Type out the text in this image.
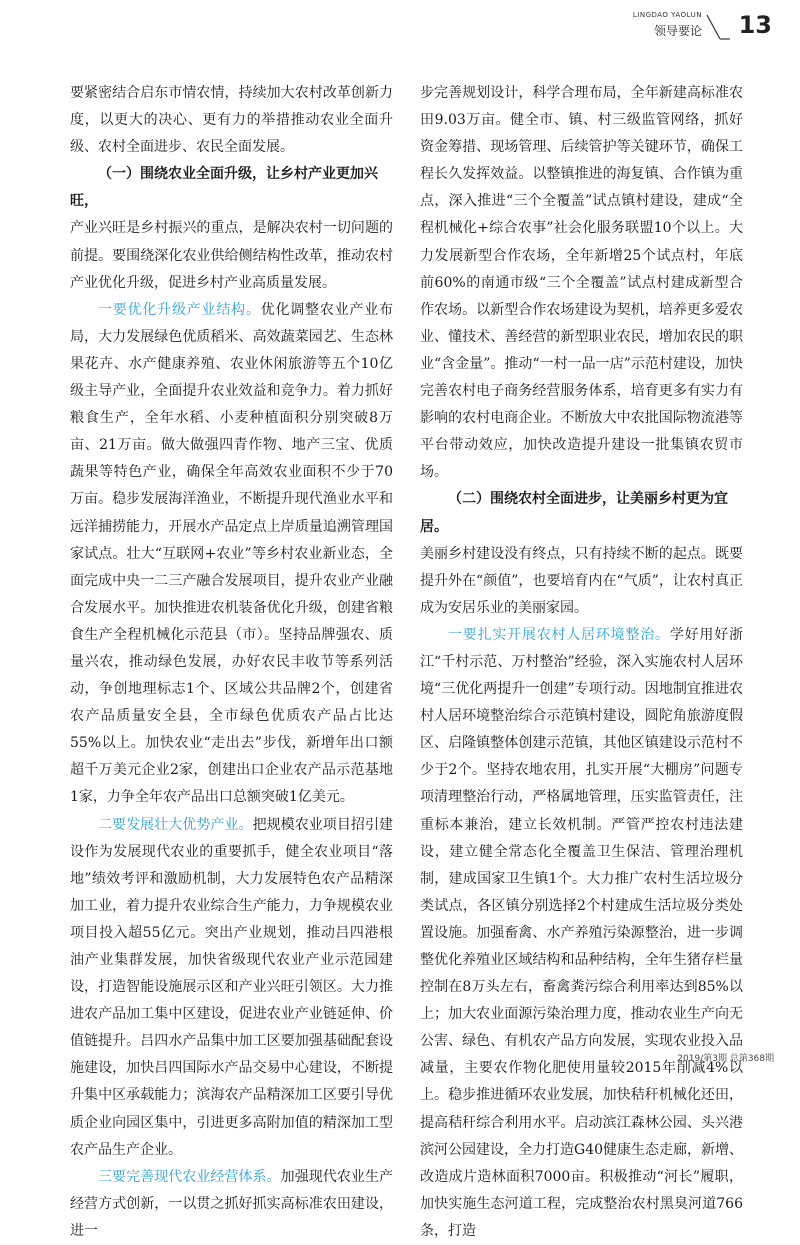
LINGDAO YAOLUN
领导要论 13

要紧密结合启东市情农情，持续加大农村改革创新力度，以更大的决心、更有力的举措推动农业全面升级、农村全面进步、农民全面发展。

（一）围绕农业全面升级，让乡村产业更加兴旺，

产业兴旺是乡村振兴的重点，是解决农村一切问题的前提。要围绕深化农业供给侧结构性改革，推动农村产业优化升级，促进乡村产业高质量发展。

一要优化升级产业结构。优化调整农业产业布局，大力发展绿色优质稻米、高效蔬菜园艺、生态林果花卉、水产健康养殖、农业休闲旅游等五个10亿级主导产业，全面提升农业效益和竞争力。着力抓好粮食生产，全年水稻、小麦种植面积分别突破8万亩、21万亩。做大做强四青作物、地产三宝、优质蔬果等特色产业，确保全年高效农业面积不少于70万亩。稳步发展海洋渔业，不断提升现代渔业水平和远洋捕捞能力，开展水产品定点上岸质量追溯管理国家试点。壮大“互联网+农业”等乡村农业新业态，全面完成中央一二三产融合发展项目，提升农业产业融合发展水平。加快推进农机装备优化升级，创建省粮食生产全程机械化示范县（市）。坚持品牌强农、质量兴农，推动绿色发展，办好农民丰收节等系列活动，争创地理标志1个、区域公共品牌2个，创建省农产品质量安全县，全市绿色优质农产品占比达55%以上。加快农业“走出去”步伐，新增年出口额超千万美元企业2家，创建出口企业农产品示范基地1家，力争全年农产品出口总额突破1亿美元。

二要发展壮大优势产业。把规模农业项目招引建设作为发展现代农业的重要抓手，健全农业项目“落地”绩效考评和激励机制，大力发展特色农产品精深加工业，着力提升农业综合生产能力，力争规模农业项目投入超55亿元。突出产业规划，推动吕四港根油产业集群发展，加快省级现代农业产业示范园建设，打造智能设施展示区和产业兴旺引领区。大力推进农产品加工集中区建设，促进农业产业链延伸、价值链提升。吕四水产品集中加工区要加强基础配套设施建设，加快吕四国际水产品交易中心建设，不断提升集中区承载能力；滨海农产品精深加工区要引导优质企业向园区集中，引进更多高附加值的精深加工型农产品生产企业。

三要完善现代农业经营体系。加强现代农业生产经营方式创新，一以贯之抓好抓实高标准农田建设，进一

步完善规划设计，科学合理布局，全年新建高标准农田9.03万亩。健全市、镇、村三级监管网络，抓好资金筹措、现场管理、后续管护等关键环节，确保工程长久发挥效益。以整镇推进的海复镇、合作镇为重点，深入推进“三个全覆盖”试点镇村建设，建成“全程机械化+综合农事”社会化服务联盟10个以上。大力发展新型合作农场，全年新增25个试点村，年底前60%的南通市级“三个全覆盖”试点村建成新型合作农场。以新型合作农场建设为契机，培养更多爱农业、懂技术、善经营的新型职业农民，增加农民的职业“含金量”。推动“一村一品一店”示范村建设，加快完善农村电子商务经营服务体系，培育更多有实力有影响的农村电商企业。不断放大中农批国际物流港等平台带动效应，加快改造提升建设一批集镇农贸市场。

（二）围绕农村全面进步，让美丽乡村更为宜居。

美丽乡村建设没有终点，只有持续不断的起点。既要提升外在“颜值”，也要培育内在“气质”，让农村真正成为安居乐业的美丽家园。

一要扎实开展农村人居环境整治。学好用好浙江“千村示范、万村整治”经验，深入实施农村人居环境“三优化两提升一创建”专项行动。因地制宜推进农村人居环境整治综合示范镇村建设，圆陀角旅游度假区、启隆镇整体创建示范镇，其他区镇建设示范村不少于2个。坚持农地农用，扎实开展“大棚房”问题专项清理整治行动，严格属地管理，压实监管责任，注重标本兼治，建立长效机制。严管严控农村违法建设，建立健全常态化全覆盖卫生保洁、管理治理机制，建成国家卫生镇1个。大力推广农村生活垃圾分类试点，各区镇分别选择2个村建成生活垃圾分类处置设施。加强畜禽、水产养殖污染源整治，进一步调整优化养殖业区域结构和品种结构，全年生猪存栏量控制在8万头左右，畜禽粪污综合利用率达到85%以上；加大农业面源污染治理力度，推动农业生产向无公害、绿色、有机农产品方向发展，实现农业投入品减量，主要农作物化肥使用量较2015年削减4%以上。稳步推进循环农业发展，加快秸秆机械化还田，提高秸秆综合利用水平。启动滨江森林公园、头兴港滨河公园建设，全力打造G40健康生态走廊，新增、改造成片造林面积7000亩。积极推动“河长”履职，加快实施生态河道工程，完成整治农村黑臭河道766条，打造

2019/第3期 总第368期
